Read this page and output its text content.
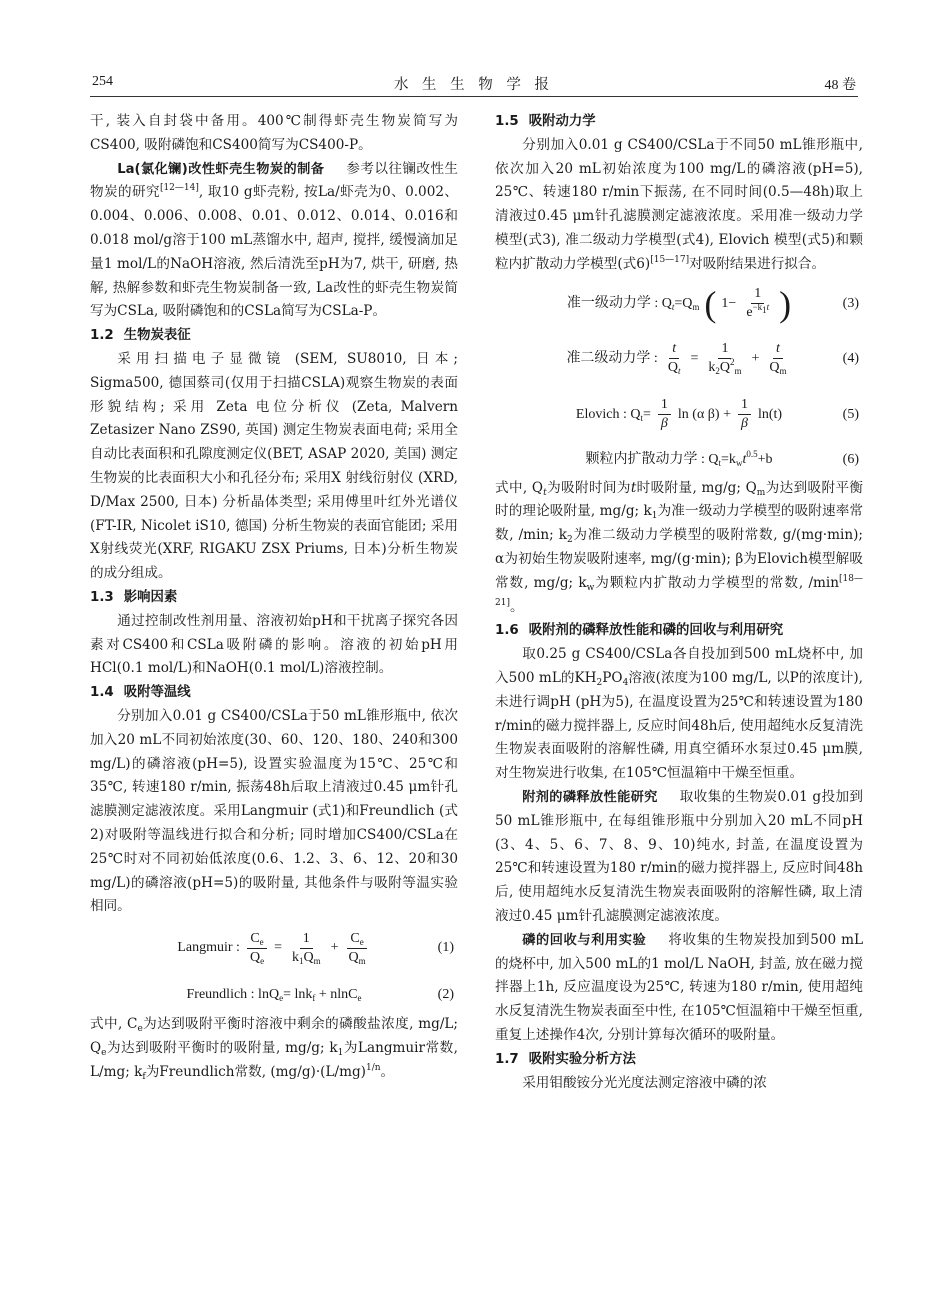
254	水 生 生 物 学 报	48 卷

干, 装入自封袋中备用。400℃制得虾壳生物炭简写为CS400, 吸附磷饱和CS400简写为CS400-P。

La(氯化镧)改性虾壳生物炭的制备 参考以往镧改性生物炭的研究[12—14], 取10 g虾壳粉, 按La/虾壳为0、0.002、0.004、0.006、0.008、0.01、0.012、0.014、0.016和0.018 mol/g溶于100 mL蒸馏水中, 超声, 搅拌, 缓慢滴加足量1 mol/L的NaOH溶液, 然后清洗至pH为7, 烘干, 研磨, 热解, 热解参数和虾壳生物炭制备一致, La改性的虾壳生物炭简写为CSLa, 吸附磷饱和的CSLa简写为CSLa-P。

1.2 生物炭表征

采用扫描电子显微镜 (SEM, SU8010, 日本; Sigma500, 德国蔡司(仅用于扫描CSLA)观察生物炭的表面形貌结构; 采用 Zeta 电位分析仪 (Zeta, Malvern Zetasizer Nano ZS90, 英国) 测定生物炭表面电荷; 采用全自动比表面积和孔隙度测定仪(BET, ASAP 2020, 美国) 测定生物炭的比表面积大小和孔径分布; 采用X 射线衍射仪 (XRD, D/Max 2500, 日本) 分析晶体类型; 采用傅里叶红外光谱仪(FT-IR, Nicolet iS10, 德国) 分析生物炭的表面官能团; 采用X射线荧光(XRF, RIGAKU ZSX Priums, 日本)分析生物炭的成分组成。

1.3 影响因素

通过控制改性剂用量、溶液初始pH和干扰离子探究各因素对CS400和CSLa吸附磷的影响。溶液的初始pH用HCl(0.1 mol/L)和NaOH(0.1 mol/L)溶液控制。

1.4 吸附等温线

分别加入0.01 g CS400/CSLa于50 mL锥形瓶中, 依次加入20 mL不同初始浓度(30、60、120、180、240和300 mg/L)的磷溶液(pH=5), 设置实验温度为15℃、25℃和35℃, 转速180 r/min, 振荡48h后取上清液过0.45 μm针孔滤膜测定滤液浓度。采用Langmuir (式1)和Freundlich (式2)对吸附等温线进行拟合和分析; 同时增加CS400/CSLa在25℃时对不同初始低浓度(0.6、1.2、3、6、12、20和30 mg/L)的磷溶液(pH=5)的吸附量, 其他条件与吸附等温实验相同。

Langmuir : $\frac{C_e}{Q_e} = \frac{1}{k_1Q_m} + \frac{C_e}{Q_m}$	(1)
Freundlich : lnQ$_e$= lnk$_f$ + nlnC$_e$	(2)

式中, $C_e$为达到吸附平衡时溶液中剩余的磷酸盐浓度, mg/L; $Q_e$为达到吸附平衡时的吸附量, mg/g; $k_1$为Langmuir常数, L/mg; $k_f$为Freundlich常数, $(mg/g)\cdot(L/mg)^{1/n}$。

1.5 吸附动力学

分别加入0.01 g CS400/CSLa于不同50 mL锥形瓶中, 依次加入20 mL初始浓度为100 mg/L的磷溶液(pH=5), 25℃、转速180 r/min下振荡, 在不同时间(0.5—48h)取上清液过0.45 μm针孔滤膜测定滤液浓度。采用准一级动力学模型(式3), 准二级动力学模型(式4), Elovich 模型(式5)和颗粒内扩散动力学模型(式6)[15—17]对吸附结果进行拟合。

准一级动力学 : $Q_t=Q_m$ ( $1- \frac{1}{e^{-k_1t}}$ )	(3)
准二级动力学 : $\frac{t}{Q_t} = \frac{1}{k_2Q^2_m} + \frac{t}{Q_m}$	(4)
Elovich : $Q_t= \frac{1}{\beta}$ ln (α $\beta) + \frac{1}{\beta} \ln(t)$	(5)
颗粒内扩散动力学 : $Q_t=k_wt^{0.5}+b$	(6)

式中, $Q_t$为吸附时间为t时吸附量, mg/g; $Q_m$为达到吸附平衡时的理论吸附量, mg/g; $k_1$为准一级动力学模型的吸附速率常数, /min; $k_2$为准二级动力学模型的吸附常数, g/(mg·min); α为初始生物炭吸附速率, mg/(g·min); β为Elovich模型解吸常数, mg/g; $k_w$为颗粒内扩散动力学模型的常数, /min[18—21]。

1.6 吸附剂的磷释放性能和磷的回收与利用研究

取0.25 g CS400/CSLa各自投加到500 mL烧杯中, 加入500 mL的$KH_2PO_4$溶液(浓度为100 mg/L, 以P的浓度计), 未进行调pH (pH为5), 在温度设置为25℃和转速设置为180 r/min的磁力搅拌器上, 反应时间48h后, 使用超纯水反复清洗生物炭表面吸附的溶解性磷, 用真空循环水泵过0.45 μm膜, 对生物炭进行收集, 在105℃恒温箱中干燥至恒重。

附剂的磷释放性能研究 取收集的生物炭0.01 g投加到50 mL锥形瓶中, 在每组锥形瓶中分别加入20 mL不同pH (3、4、5、6、7、8、9、10)纯水, 封盖, 在温度设置为25℃和转速设置为180 r/min的磁力搅拌器上, 反应时间48h后, 使用超纯水反复清洗生物炭表面吸附的溶解性磷, 取上清液过0.45 μm针孔滤膜测定滤液浓度。

磷的回收与利用实验 将收集的生物炭投加到500 mL的烧杯中, 加入500 mL的1 mol/L NaOH, 封盖, 放在磁力搅拌器上1h, 反应温度设为25℃, 转速为180 r/min, 使用超纯水反复清洗生物炭表面至中性, 在105℃恒温箱中干燥至恒重, 重复上述操作4次, 分别计算每次循环的吸附量。

1.7 吸附实验分析方法

采用钼酸铵分光光度法测定溶液中磷的浓
